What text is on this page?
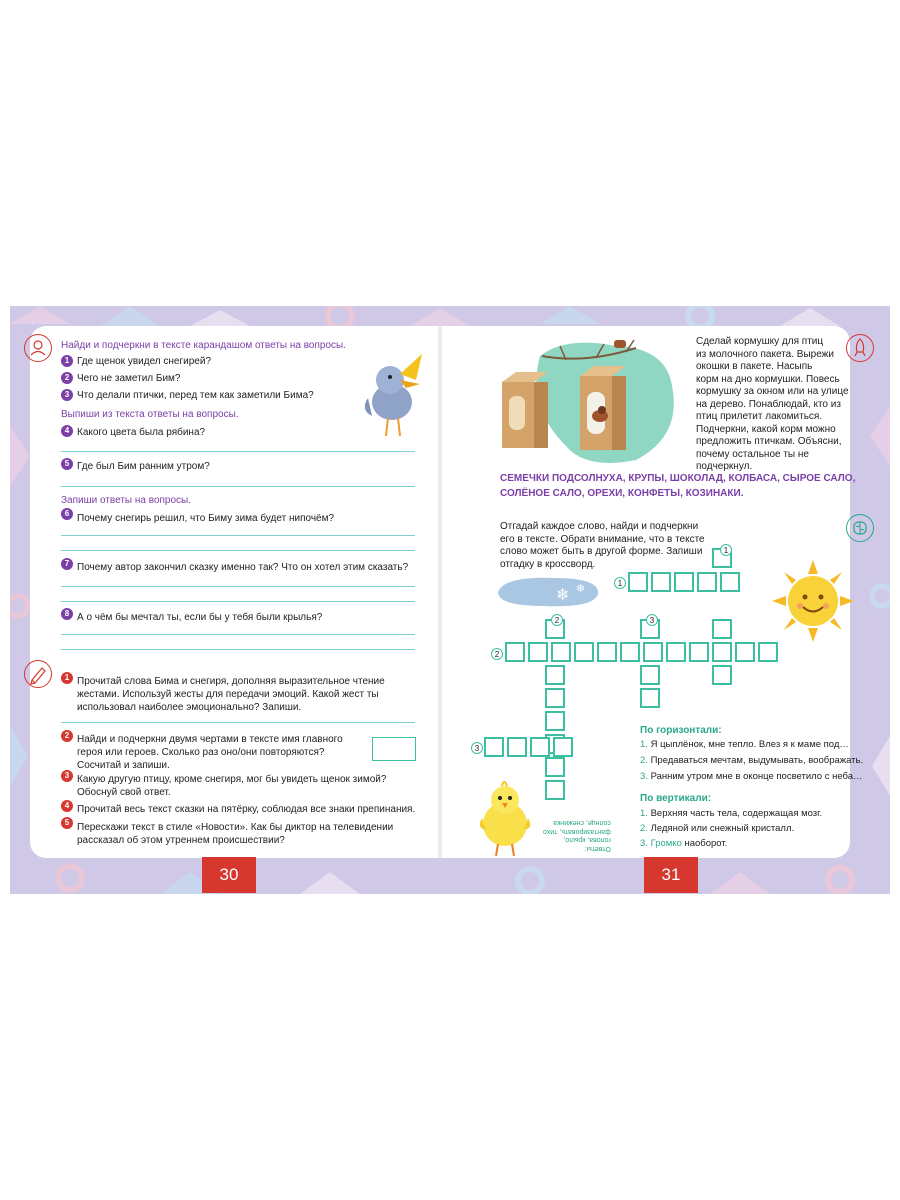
30	31
Найди и подчеркни в тексте карандашом ответы на вопросы.
1 Где щенок увидел снегирей?
2 Чего не заметил Бим?
3 Что делали птички, перед тем как заметили Бима?
Выпиши из текста ответы на вопросы.
4 Какого цвета была рябина?
5 Где был Бим ранним утром?
Запиши ответы на вопросы.
6 Почему снегирь решил, что Биму зима будет нипочём?
7 Почему автор закончил сказку именно так? Что он хотел этим сказать?
8 А о чём бы мечтал ты, если бы у тебя были крылья?
1 Прочитай слова Бима и снегиря, дополняя выразительное чтение
жестами. Используй жесты для передачи эмоций. Какой жест ты
использовал наиболее эмоционально? Запиши.
2 Найди и подчеркни двумя чертами в тексте имя главного
героя или героев. Сколько раз оно/они повторяются?
Сосчитай и запиши.
3 Какую другую птицу, кроме снегиря, мог бы увидеть щенок зимой?
Обоснуй свой ответ.
4 Прочитай весь текст сказки на пятёрку, соблюдая все знаки препинания.
5 Перескажи текст в стиле «Новости». Как бы диктор на телевидении
рассказал об этом утреннем происшествии?
Сделай кормушку для птиц
из молочного пакета. Вырежи
окошки в пакете. Насыпь
корм на дно кормушки. Повесь
кормушку за окном или на улице
на дерево. Понаблюдай, кто из
птиц прилетит лакомиться.
Подчеркни, какой корм можно
предложить птичкам. Объясни,
почему остальное ты не
подчеркнул.
СЕМЕЧКИ ПОДСОЛНУХА, КРУПЫ, ШОКОЛАД, КОЛБАСА, СЫРОЕ САЛО,
СОЛЁНОЕ САЛО, ОРЕХИ, КОНФЕТЫ, КОЗИНАКИ.
Отгадай каждое слово, найди и подчеркни
его в тексте. Обрати внимание, что в тексте
слово может быть в другой форме. Запиши
отгадку в кроссворд.
❄ ❄	1
2
3
1
2	3
По горизонтали:
1. Я цыплёнок, мне тепло. Влез я к маме под…
2. Предаваться мечтам, выдумывать, воображать.
3. Ранним утром мне в оконце посветило с неба…
По вертикали:
1. Верхняя часть тела, содержащая мозг.
2. Ледяной или снежный кристалл.
3. Громко наоборот.
Ответы:
голова, крыло,
фантазировать, тихо
солнце, снежинка
